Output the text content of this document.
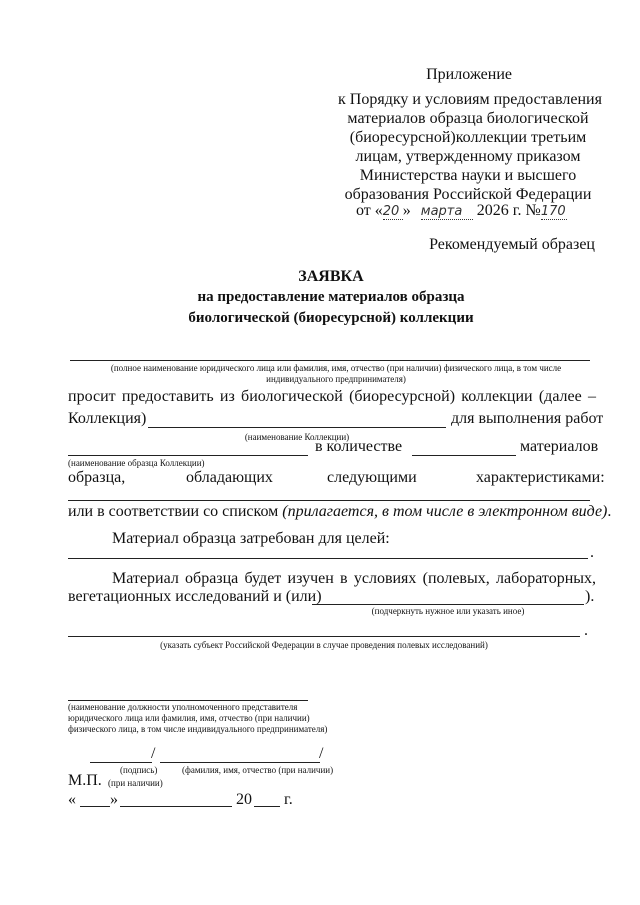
Приложение
к Порядку и условиям предоставления
материалов образца биологической
(биоресурсной)коллекции третьим
лицам, утвержденному приказом
Министерства науки и высшего
образования Российской Федерации
от «20 » марта 2026 г. №170
Рекомендуемый образец
ЗАЯВКА
на предоставление материалов образца
биологической (биоресурсной) коллекции
(полное наименование юридического лица или фамилия, имя, отчество (при наличии) физического лица, в том числе
индивидуального предпринимателя)
просит предоставить из биологической (биоресурсной) коллекции (далее –
Коллекция)	для выполнения работ
(наименование Коллекции)
в количестве	материалов
(наименование образца Коллекции)
образца,	обладающих	следующими	характеристиками:
или в соответствии со списком (прилагается, в том числе в электронном виде).
Материал образца затребован для целей:
.
Материал образца будет изучен в условиях (полевых, лабораторных,
вегетационных исследований и (или)	).
(подчеркнуть нужное или указать иное)
.
(указать субъект Российской Федерации в случае проведения полевых исследований)
(наименование должности уполномоченного представителя
юридического лица или фамилия, имя, отчество (при наличии)
физического лица, в том числе индивидуального предпринимателя)
/	/
(подпись)	(фамилия, имя, отчество (при наличии)
М.П. (при наличии)
« »	20 г.
